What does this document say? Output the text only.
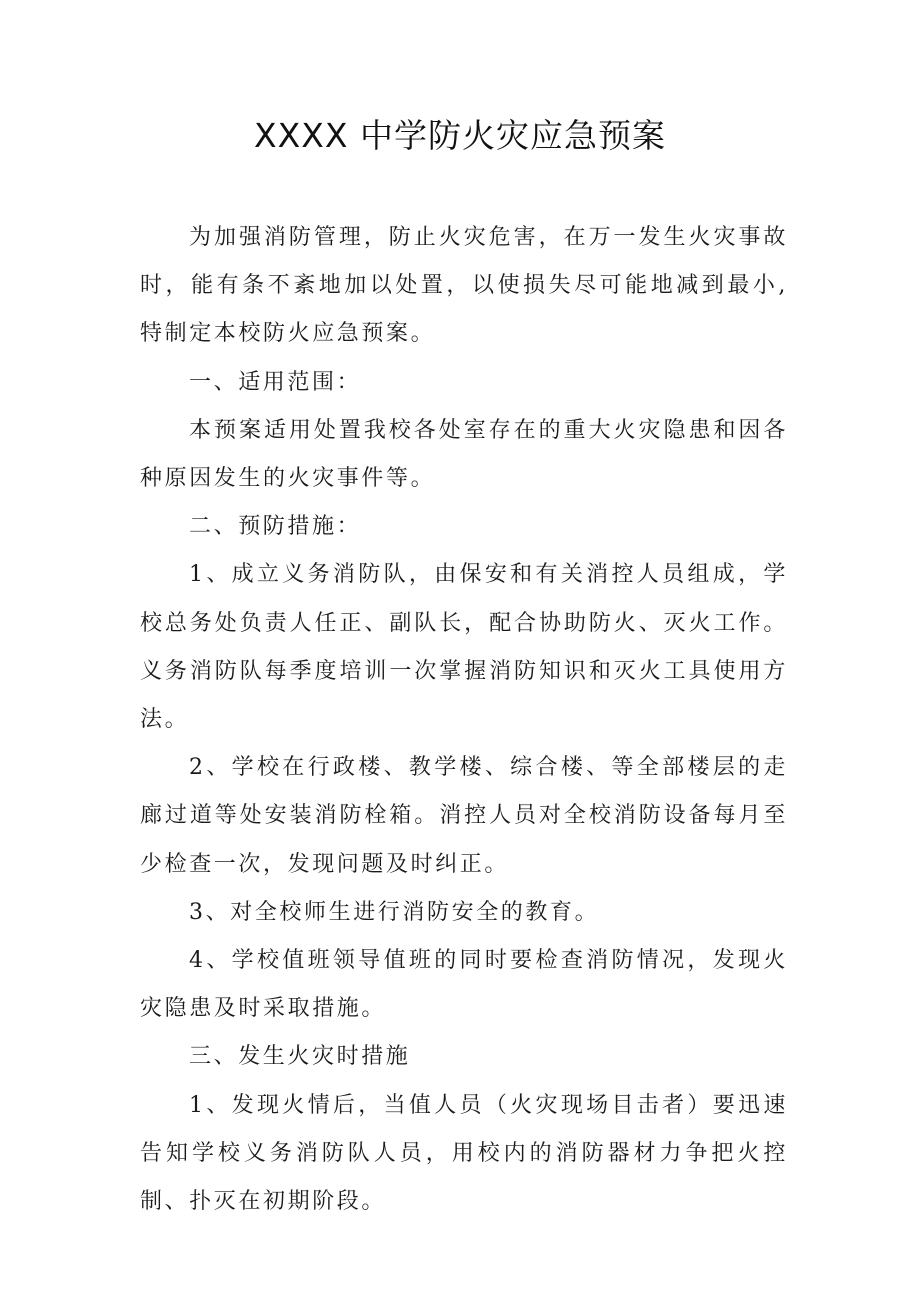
XXXX 中学防火灾应急预案

为加强消防管理，防止火灾危害，在万一发生火灾事故时，能有条不紊地加以处置，以使损失尽可能地减到最小,特制定本校防火应急预案。

一、适用范围：

本预案适用处置我校各处室存在的重大火灾隐患和因各种原因发生的火灾事件等。

二、预防措施：

1、成立义务消防队，由保安和有关消控人员组成，学校总务处负责人任正、副队长，配合协助防火、灭火工作。义务消防队每季度培训一次掌握消防知识和灭火工具使用方法。

2、学校在行政楼、教学楼、综合楼、等全部楼层的走廊过道等处安装消防栓箱。消控人员对全校消防设备每月至少检查一次，发现问题及时纠正。

3、对全校师生进行消防安全的教育。

4、学校值班领导值班的同时要检查消防情况，发现火灾隐患及时采取措施。

三、发生火灾时措施

1、发现火情后，当值人员（火灾现场目击者）要迅速告知学校义务消防队人员，用校内的消防器材力争把火控制、扑灭在初期阶段。
